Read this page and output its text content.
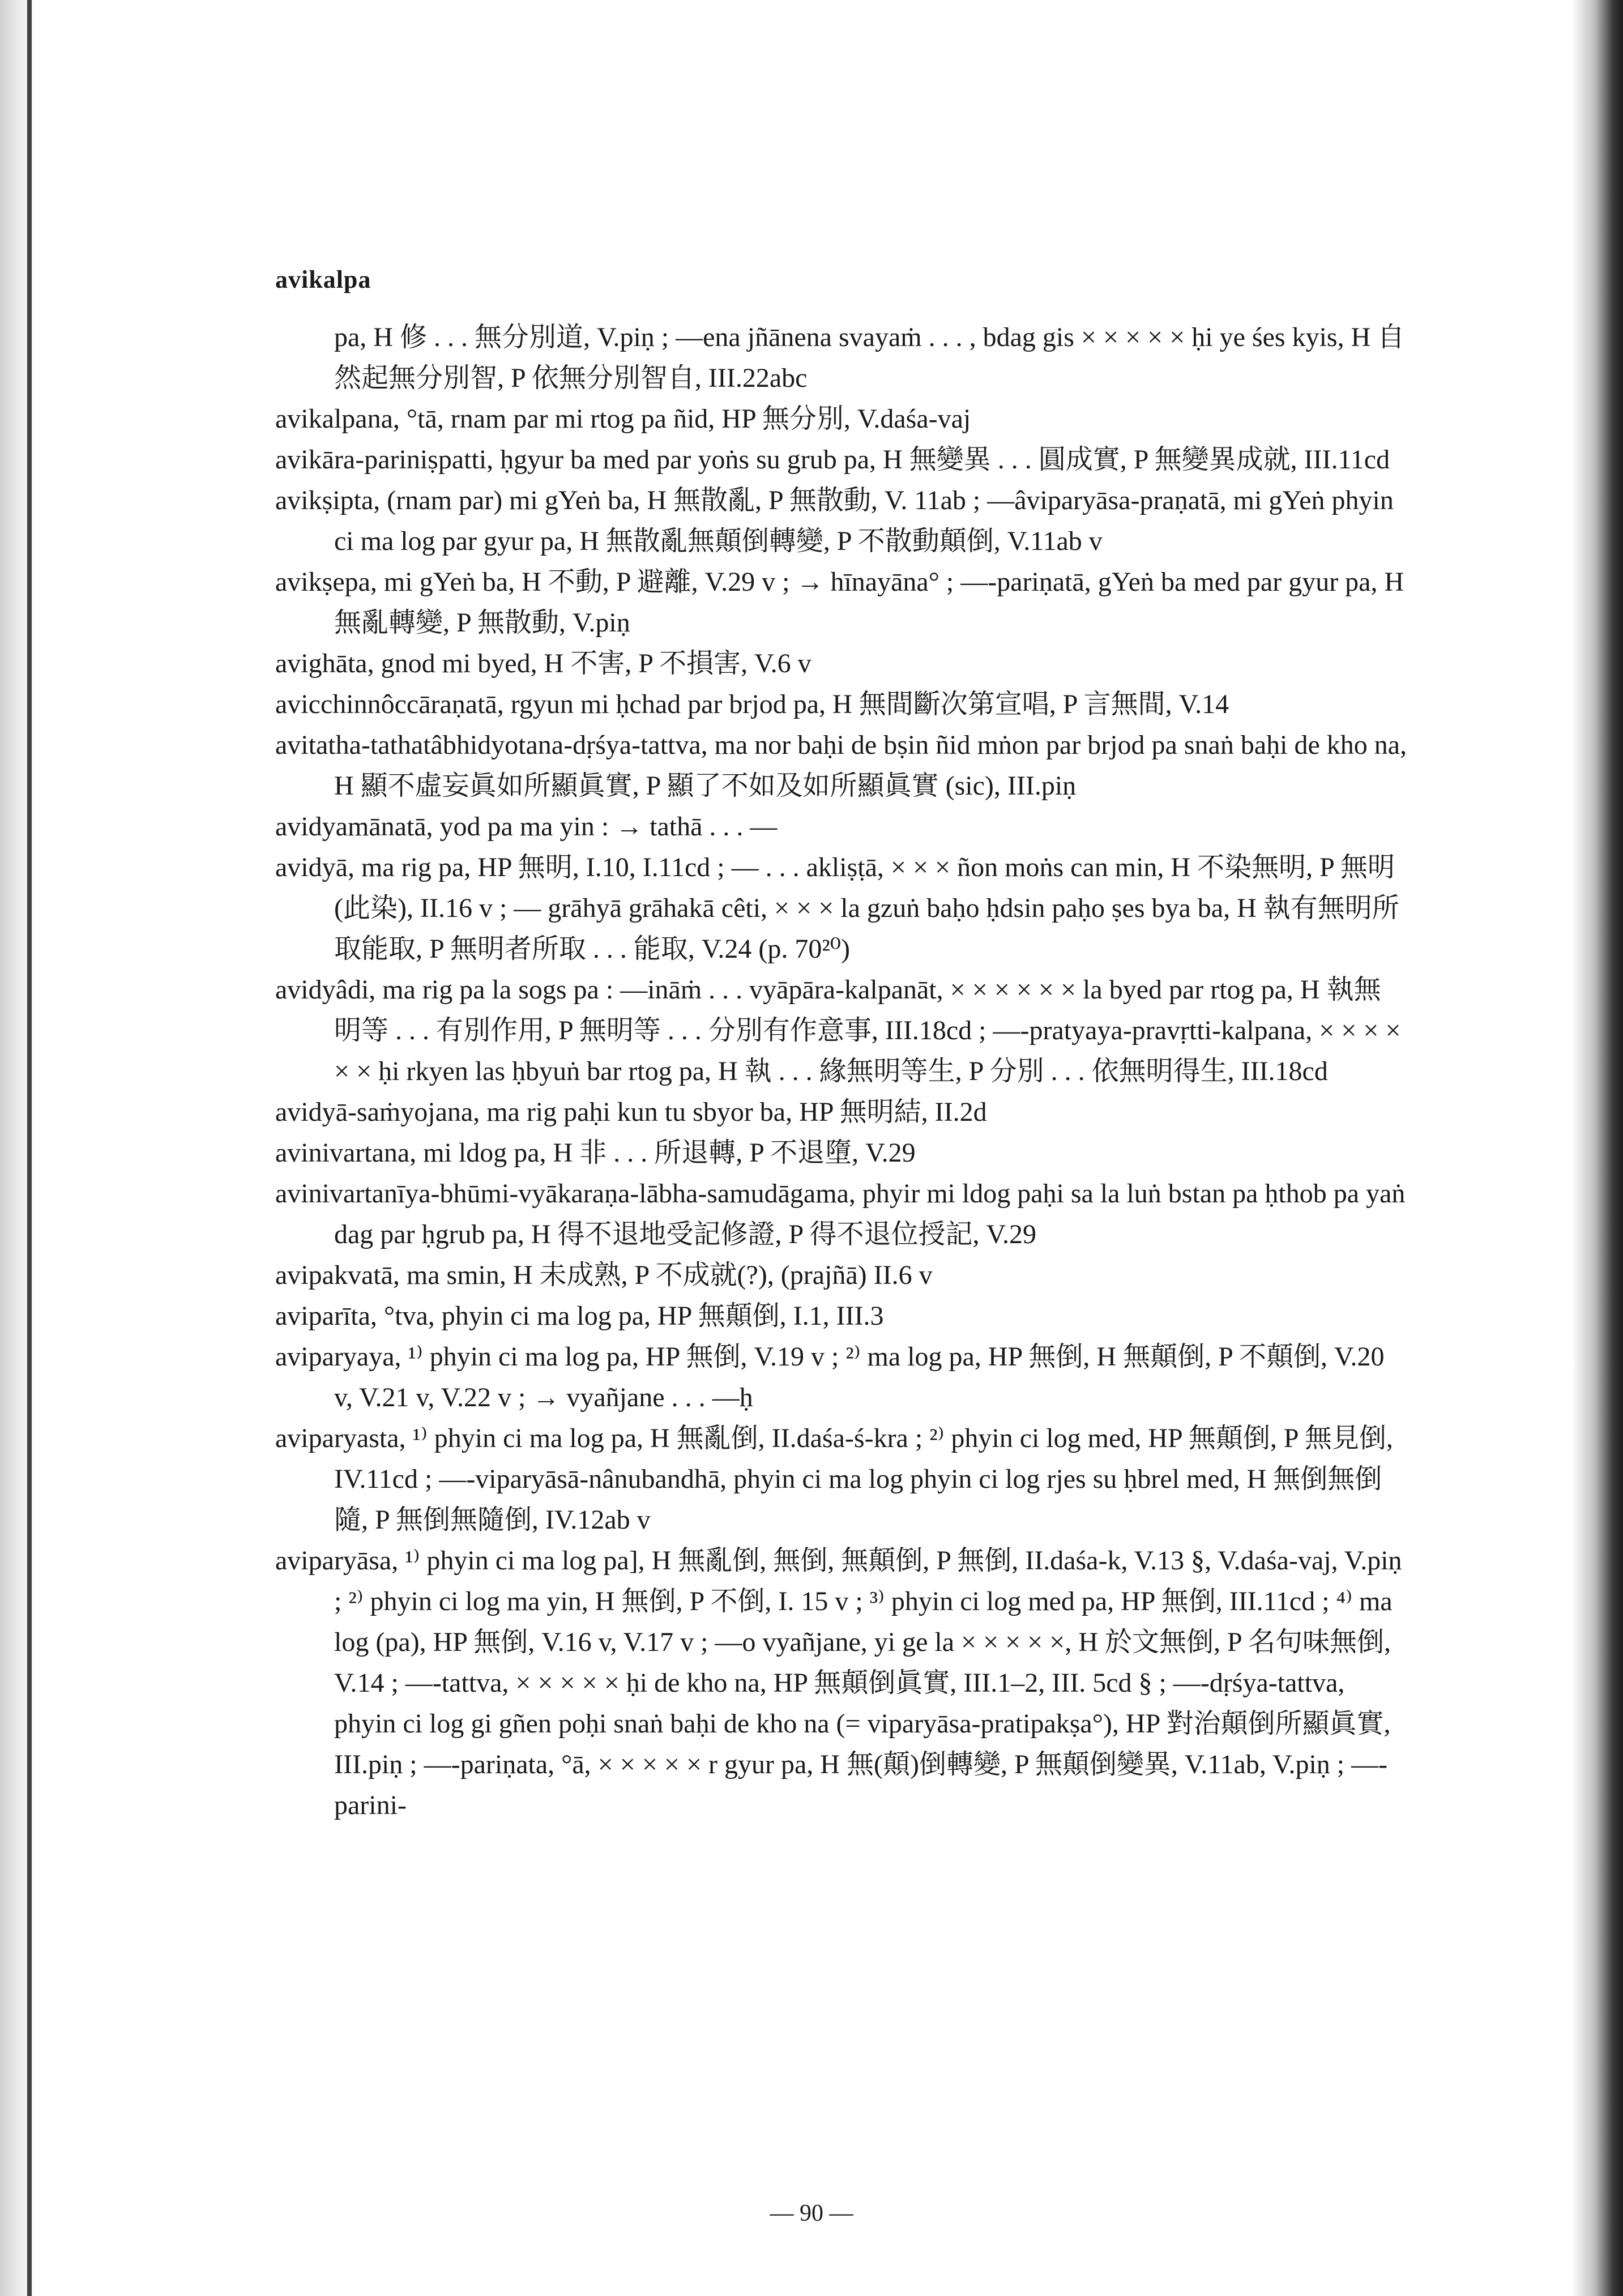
avikalpa
pa, H 修 . . . 無分別道, V.piṇ ; —ena jñānena svayaṁ . . . , bdag gis × × × × × ḥi ye śes kyis, H 自然起無分別智, P 依無分別智自, III.22abc
avikalpana, °tā, rnam par mi rtog pa ñid, HP 無分別, V.daśa-vaj
avikāra-pariniṣpatti, ḥgyur ba med par yoṅs su grub pa, H 無變異 . . . 圓成實, P 無變異成就, III.11cd
avikṣipta, (rnam par) mi gYeṅ ba, H 無散亂, P 無散動, V. 11ab ; —âviparyāsa-praṇatā, mi gYeṅ phyin ci ma log par gyur pa, H 無散亂無顛倒轉變, P 不散動顛倒, V.11ab v
avikṣepa, mi gYeṅ ba, H 不動, P 避離, V.29 v ; → hīnayāna° ; —-pariṇatā, gYeṅ ba med par gyur pa, H 無亂轉變, P 無散動, V.piṇ
avighāta, gnod mi byed, H 不害, P 不損害, V.6 v
avicchinnôccāraṇatā, rgyun mi ḥchad par brjod pa, H 無間斷次第宣唱, P 言無間, V.14
avitatha-tathatâbhidyotana-dṛśya-tattva, ma nor baḥi de bṣin ñid mṅon par brjod pa snaṅ baḥi de kho na, H 顯不虛妄眞如所顯眞實, P 顯了不如及如所顯眞實 (sic), III.piṇ
avidyamānatā, yod pa ma yin : → tathā . . . —
avidyā, ma rig pa, HP 無明, I.10, I.11cd ; — . . . akliṣṭā, × × × ñon moṅs can min, H 不染無明, P 無明(此染), II.16 v ; — grāhyā grāhakā cêti, × × × la gzuṅ baḥo ḥdsin paḥo ṣes bya ba, H 執有無明所取能取, P 無明者所取 . . . 能取, V.24 (p. 70²⁰)
avidyâdi, ma rig pa la sogs pa : —ināṁ . . . vyāpāra-kalpanāt, × × × × × × la byed par rtog pa, H 執無明等 . . . 有別作用, P 無明等 . . . 分別有作意事, III.18cd ; —-pratyaya-pravṛtti-kalpana, × × × × × × ḥi rkyen las ḥbyuṅ bar rtog pa, H 執 . . . 緣無明等生, P 分別 . . . 依無明得生, III.18cd
avidyā-saṁyojana, ma rig paḥi kun tu sbyor ba, HP 無明結, II.2d
avinivartana, mi ldog pa, H 非 . . . 所退轉, P 不退墮, V.29
avinivartanīya-bhūmi-vyākaraṇa-lābha-samudāgama, phyir mi ldog paḥi sa la luṅ bstan pa ḥthob pa yaṅ dag par ḥgrub pa, H 得不退地受記修證, P 得不退位授記, V.29
avipakvatā, ma smin, H 未成熟, P 不成就(?), (prajñā) II.6 v
aviparīta, °tva, phyin ci ma log pa, HP 無顛倒, I.1, III.3
aviparyaya, ¹⁾ phyin ci ma log pa, HP 無倒, V.19 v ; ²⁾ ma log pa, HP 無倒, H 無顛倒, P 不顛倒, V.20 v, V.21 v, V.22 v ; → vyañjane . . . —ḥ
aviparyasta, ¹⁾ phyin ci ma log pa, H 無亂倒, II.daśa-ś-kra ; ²⁾ phyin ci log med, HP 無顛倒, P 無見倒, IV.11cd ; —-viparyāsā-nânubandhā, phyin ci ma log phyin ci log rjes su ḥbrel med, H 無倒無倒隨, P 無倒無隨倒, IV.12ab v
aviparyāsa, ¹⁾ phyin ci ma log pa], H 無亂倒, 無倒, 無顛倒, P 無倒, II.daśa-k, V.13 §, V.daśa-vaj, V.piṇ ; ²⁾ phyin ci log ma yin, H 無倒, P 不倒, I. 15 v ; ³⁾ phyin ci log med pa, HP 無倒, III.11cd ; ⁴⁾ ma log (pa), HP 無倒, V.16 v, V.17 v ; —o vyañjane, yi ge la × × × × ×, H 於文無倒, P 名句味無倒, V.14 ; —-tattva, × × × × × ḥi de kho na, HP 無顛倒眞實, III.1–2, III. 5cd § ; —-dṛśya-tattva, phyin ci log gi gñen poḥi snaṅ baḥi de kho na (= viparyāsa-pratipakṣa°), HP 對治顛倒所顯眞實, III.piṇ ; —-pariṇata, °ā, × × × × × r gyur pa, H 無(顛)倒轉變, P 無顛倒變異, V.11ab, V.piṇ ; —-parini-
— 90 —
